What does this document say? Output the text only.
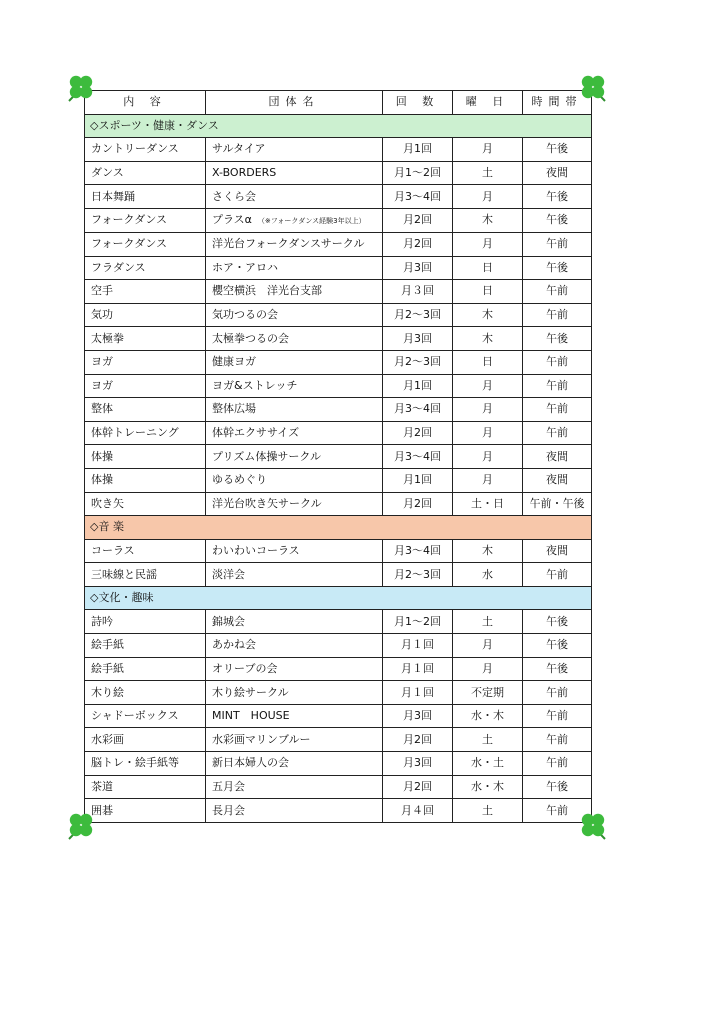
内 容	団体名	回 数	曜 日	時間帯
◇スポーツ・健康・ダンス				
カントリーダンス	サルタイア	月1回	月	午後
ダンス	X-BORDERS	月1～2回	土	夜間
日本舞踊	さくら会	月3～4回	月	午後
フォークダンス	プラスα （※フォークダンス経験3年以上）	月2回	木	午後
フォークダンス	洋光台フォークダンスサークル	月2回	月	午前
フラダンス	ホア・アロハ	月3回	日	午後
空手	櫻空横浜　洋光台支部	月３回	日	午前
気功	気功つるの会	月2～3回	木	午前
太極拳	太極拳つるの会	月3回	木	午後
ヨガ	健康ヨガ	月2～3回	日	午前
ヨガ	ヨガ&ストレッチ	月1回	月	午前
整体	整体広場	月3～4回	月	午前
体幹トレーニング	体幹エクササイズ	月2回	月	午前
体操	プリズム体操サークル	月3～4回	月	夜間
体操	ゆるめぐり	月1回	月	夜間
吹き矢	洋光台吹き矢サークル	月2回	土・日	午前・午後
◇音 楽				
コーラス	わいわいコーラス	月3～4回	木	夜間
三味線と民謡	淡洋会	月2～3回	水	午前
◇文化・趣味				
詩吟	錦城会	月1～2回	土	午後
絵手紙	あかね会	月１回	月	午後
絵手紙	オリーブの会	月１回	月	午後
木り絵	木り絵サークル	月１回	不定期	午前
シャドーボックス	MINT　HOUSE	月3回	水・木	午前
水彩画	水彩画マリンブルー	月2回	土	午前
脳トレ・絵手紙等	新日本婦人の会	月3回	水・土	午前
茶道	五月会	月2回	水・木	午後
囲碁	長月会	月４回	土	午前
